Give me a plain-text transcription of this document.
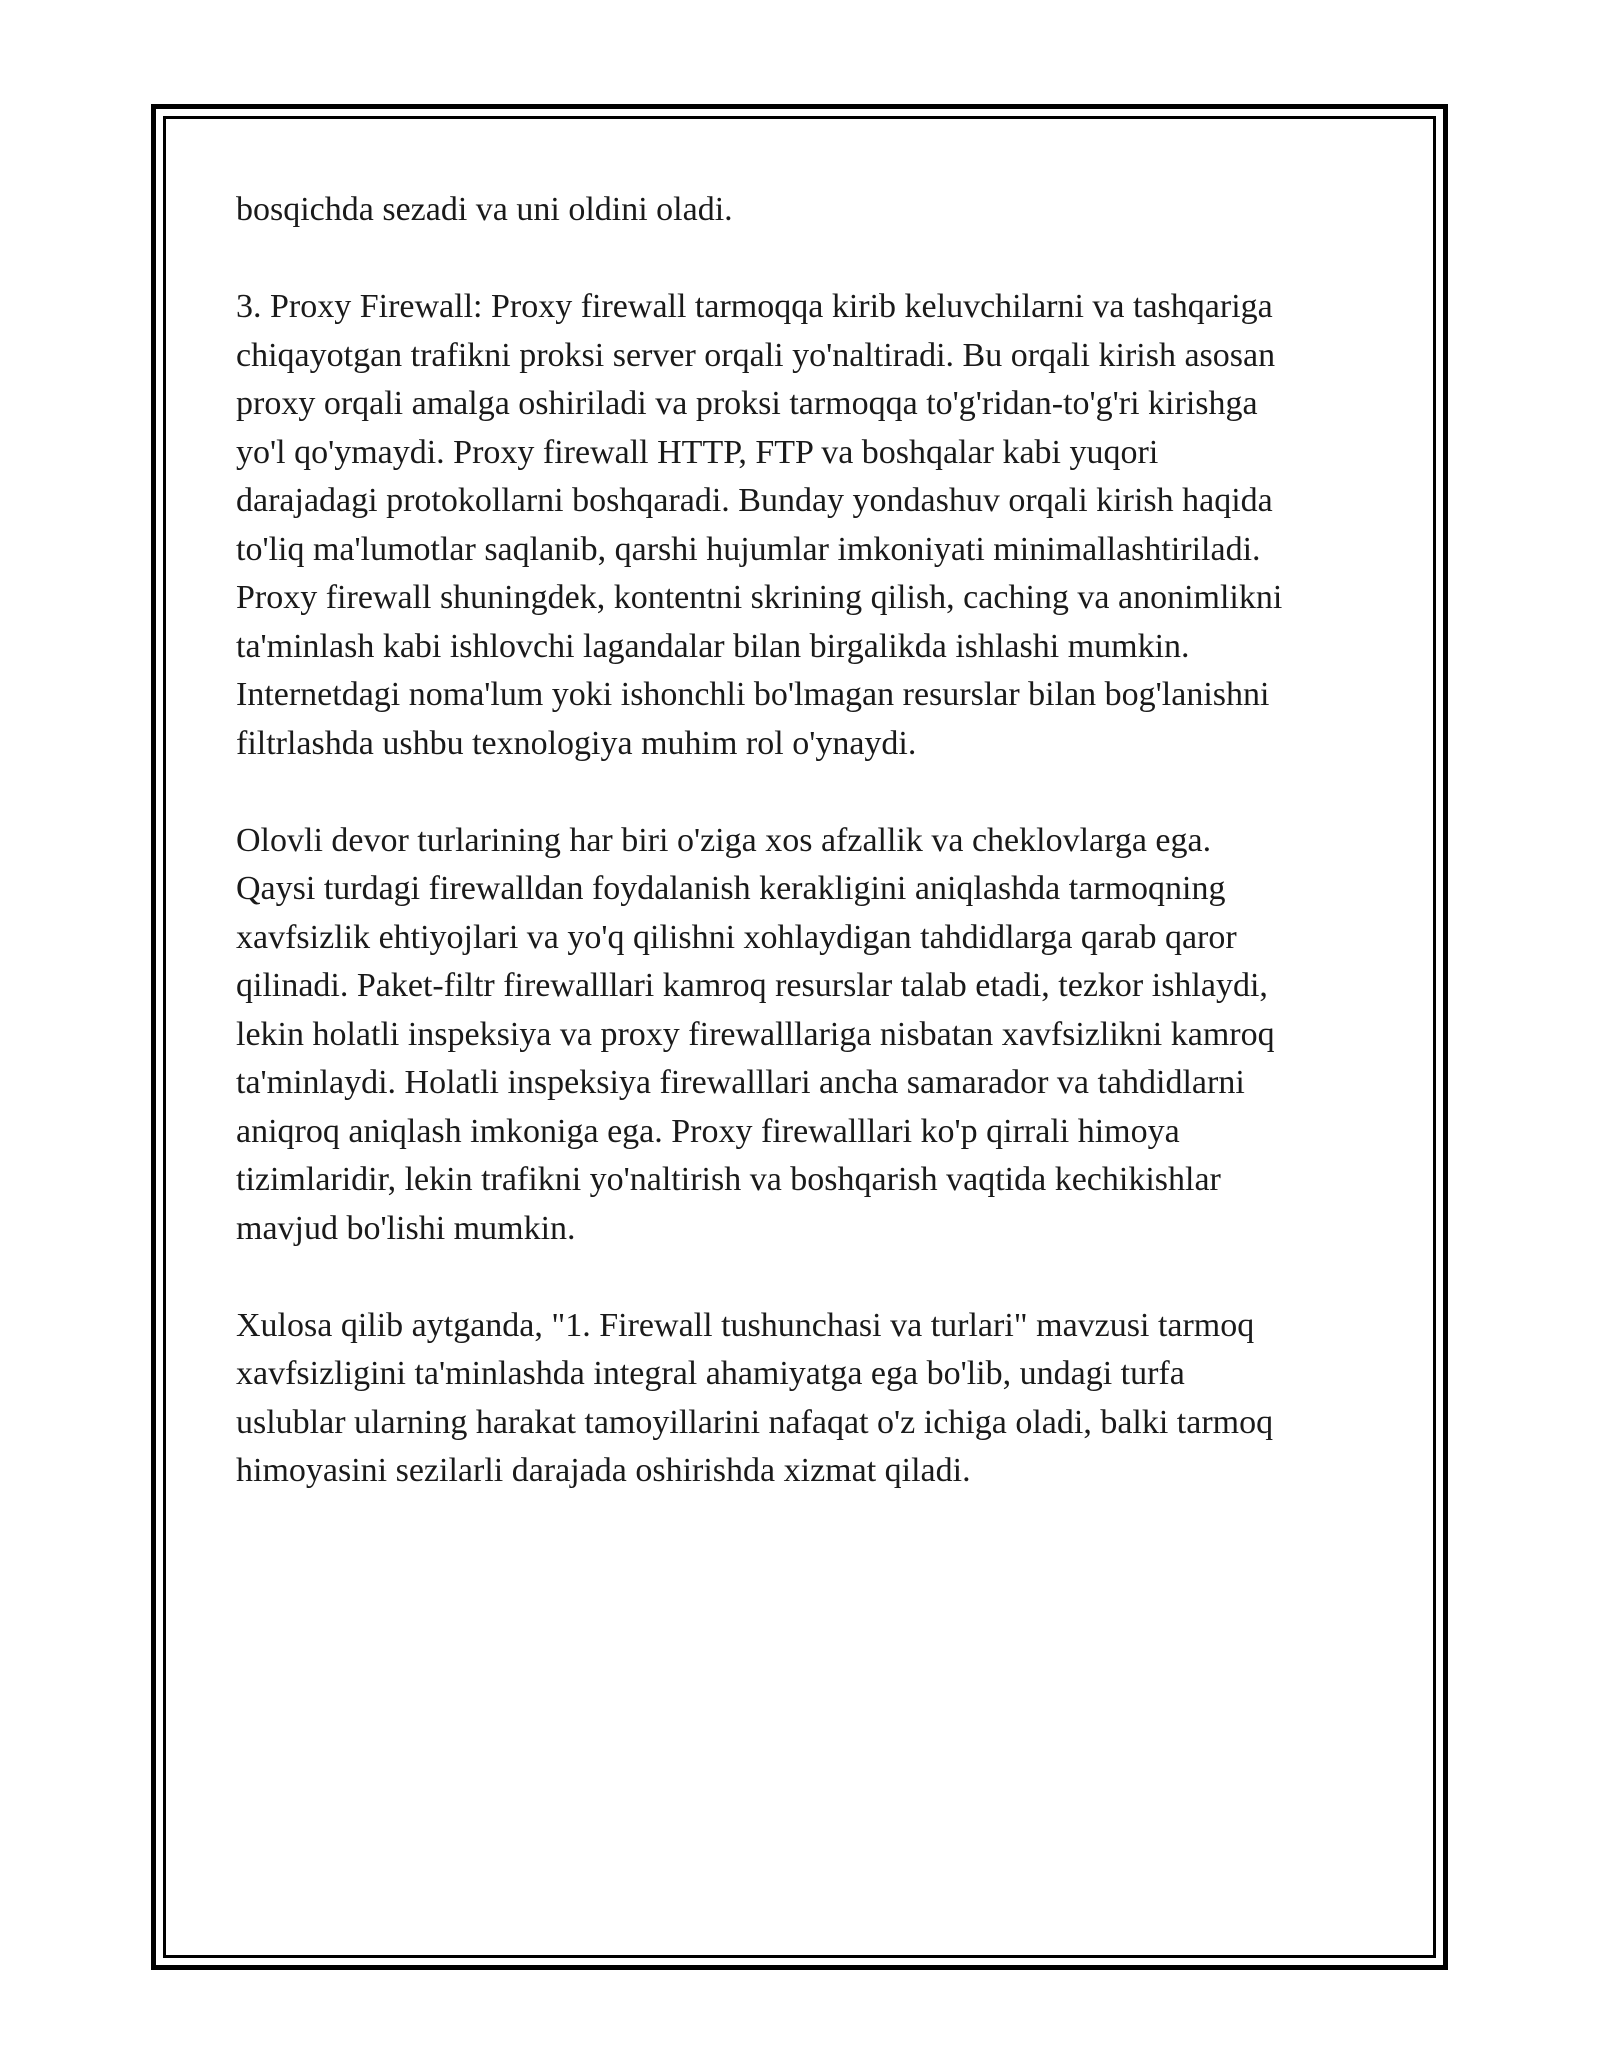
bosqichda sezadi va uni oldini oladi.

3. Proxy Firewall: Proxy firewall tarmoqqa kirib keluvchilarni va tashqariga
chiqayotgan trafikni proksi server orqali yo'naltiradi. Bu orqali kirish asosan
proxy orqali amalga oshiriladi va proksi tarmoqqa to'g'ridan-to'g'ri kirishga
yo'l qo'ymaydi. Proxy firewall HTTP, FTP va boshqalar kabi yuqori
darajadagi protokollarni boshqaradi. Bunday yondashuv orqali kirish haqida
to'liq ma'lumotlar saqlanib, qarshi hujumlar imkoniyati minimallashtiriladi.
Proxy firewall shuningdek, kontentni skrining qilish, caching va anonimlikni
ta'minlash kabi ishlovchi lagandalar bilan birgalikda ishlashi mumkin.
Internetdagi noma'lum yoki ishonchli bo'lmagan resurslar bilan bog'lanishni
filtrlashda ushbu texnologiya muhim rol o'ynaydi.

Olovli devor turlarining har biri o'ziga xos afzallik va cheklovlarga ega.
Qaysi turdagi firewalldan foydalanish kerakligini aniqlashda tarmoqning
xavfsizlik ehtiyojlari va yo'q qilishni xohlaydigan tahdidlarga qarab qaror
qilinadi. Paket-filtr firewalllari kamroq resurslar talab etadi, tezkor ishlaydi,
lekin holatli inspeksiya va proxy firewalllariga nisbatan xavfsizlikni kamroq
ta'minlaydi. Holatli inspeksiya firewalllari ancha samarador va tahdidlarni
aniqroq aniqlash imkoniga ega. Proxy firewalllari ko'p qirrali himoya
tizimlaridir, lekin trafikni yo'naltirish va boshqarish vaqtida kechikishlar
mavjud bo'lishi mumkin.

Xulosa qilib aytganda, "1. Firewall tushunchasi va turlari" mavzusi tarmoq
xavfsizligini ta'minlashda integral ahamiyatga ega bo'lib, undagi turfa
uslublar ularning harakat tamoyillarini nafaqat o'z ichiga oladi, balki tarmoq
himoyasini sezilarli darajada oshirishda xizmat qiladi.
